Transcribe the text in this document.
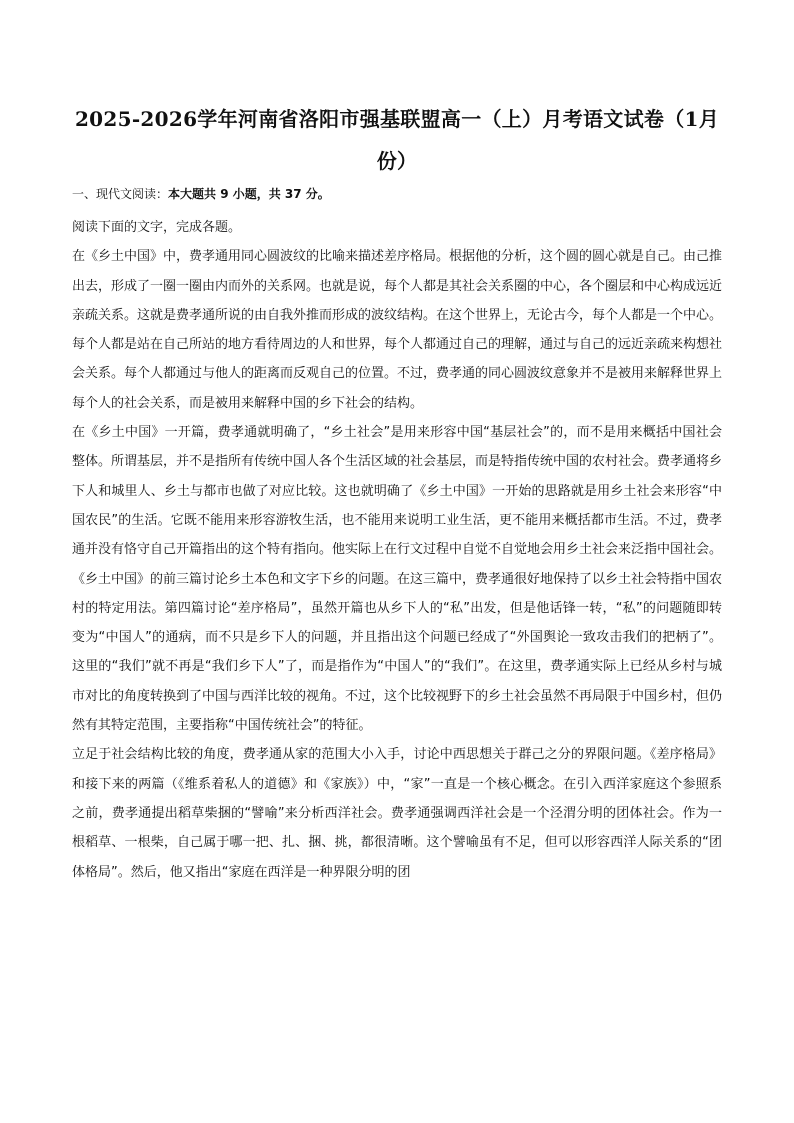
2025-2026学年河南省洛阳市强基联盟高一（上）月考语文试卷（1月份）

一、现代文阅读：本大题共 9 小题，共 37 分。

阅读下面的文字，完成各题。

在《乡土中国》中，费孝通用同心圆波纹的比喻来描述差序格局。根据他的分析，这个圆的圆心就是自己。由己推出去，形成了一圈一圈由内而外的关系网。也就是说，每个人都是其社会关系圈的中心，各个圈层和中心构成远近亲疏关系。这就是费孝通所说的由自我外推而形成的波纹结构。在这个世界上，无论古今，每个人都是一个中心。每个人都是站在自己所站的地方看待周边的人和世界，每个人都通过自己的理解，通过与自己的远近亲疏来构想社会关系。每个人都通过与他人的距离而反观自己的位置。不过，费孝通的同心圆波纹意象并不是被用来解释世界上每个人的社会关系，而是被用来解释中国的乡下社会的结构。

在《乡土中国》一开篇，费孝通就明确了，“乡土社会”是用来形容中国“基层社会”的，而不是用来概括中国社会整体。所谓基层，并不是指所有传统中国人各个生活区域的社会基层，而是特指传统中国的农村社会。费孝通将乡下人和城里人、乡土与都市也做了对应比较。这也就明确了《乡土中国》一开始的思路就是用乡土社会来形容“中国农民”的生活。它既不能用来形容游牧生活，也不能用来说明工业生活，更不能用来概括都市生活。不过，费孝通并没有恪守自己开篇指出的这个特有指向。他实际上在行文过程中自觉不自觉地会用乡土社会来泛指中国社会。

《乡土中国》的前三篇讨论乡土本色和文字下乡的问题。在这三篇中，费孝通很好地保持了以乡土社会特指中国农村的特定用法。第四篇讨论“差序格局”，虽然开篇也从乡下人的“私”出发，但是他话锋一转，“私”的问题随即转变为“中国人”的通病，而不只是乡下人的问题，并且指出这个问题已经成了“外国舆论一致攻击我们的把柄了”。这里的“我们”就不再是“我们乡下人”了，而是指作为“中国人”的“我们”。在这里，费孝通实际上已经从乡村与城市对比的角度转换到了中国与西洋比较的视角。不过，这个比较视野下的乡土社会虽然不再局限于中国乡村，但仍然有其特定范围，主要指称“中国传统社会”的特征。

立足于社会结构比较的角度，费孝通从家的范围大小入手，讨论中西思想关于群己之分的界限问题。《差序格局》和接下来的两篇（《维系着私人的道德》和《家族》）中，“家”一直是一个核心概念。在引入西洋家庭这个参照系之前，费孝通提出稻草柴捆的“譬喻”来分析西洋社会。费孝通强调西洋社会是一个泾渭分明的团体社会。作为一根稻草、一根柴，自己属于哪一把、扎、捆、挑，都很清晰。这个譬喻虽有不足，但可以形容西洋人际关系的“团体格局”。然后，他又指出“家庭在西洋是一种界限分明的团
